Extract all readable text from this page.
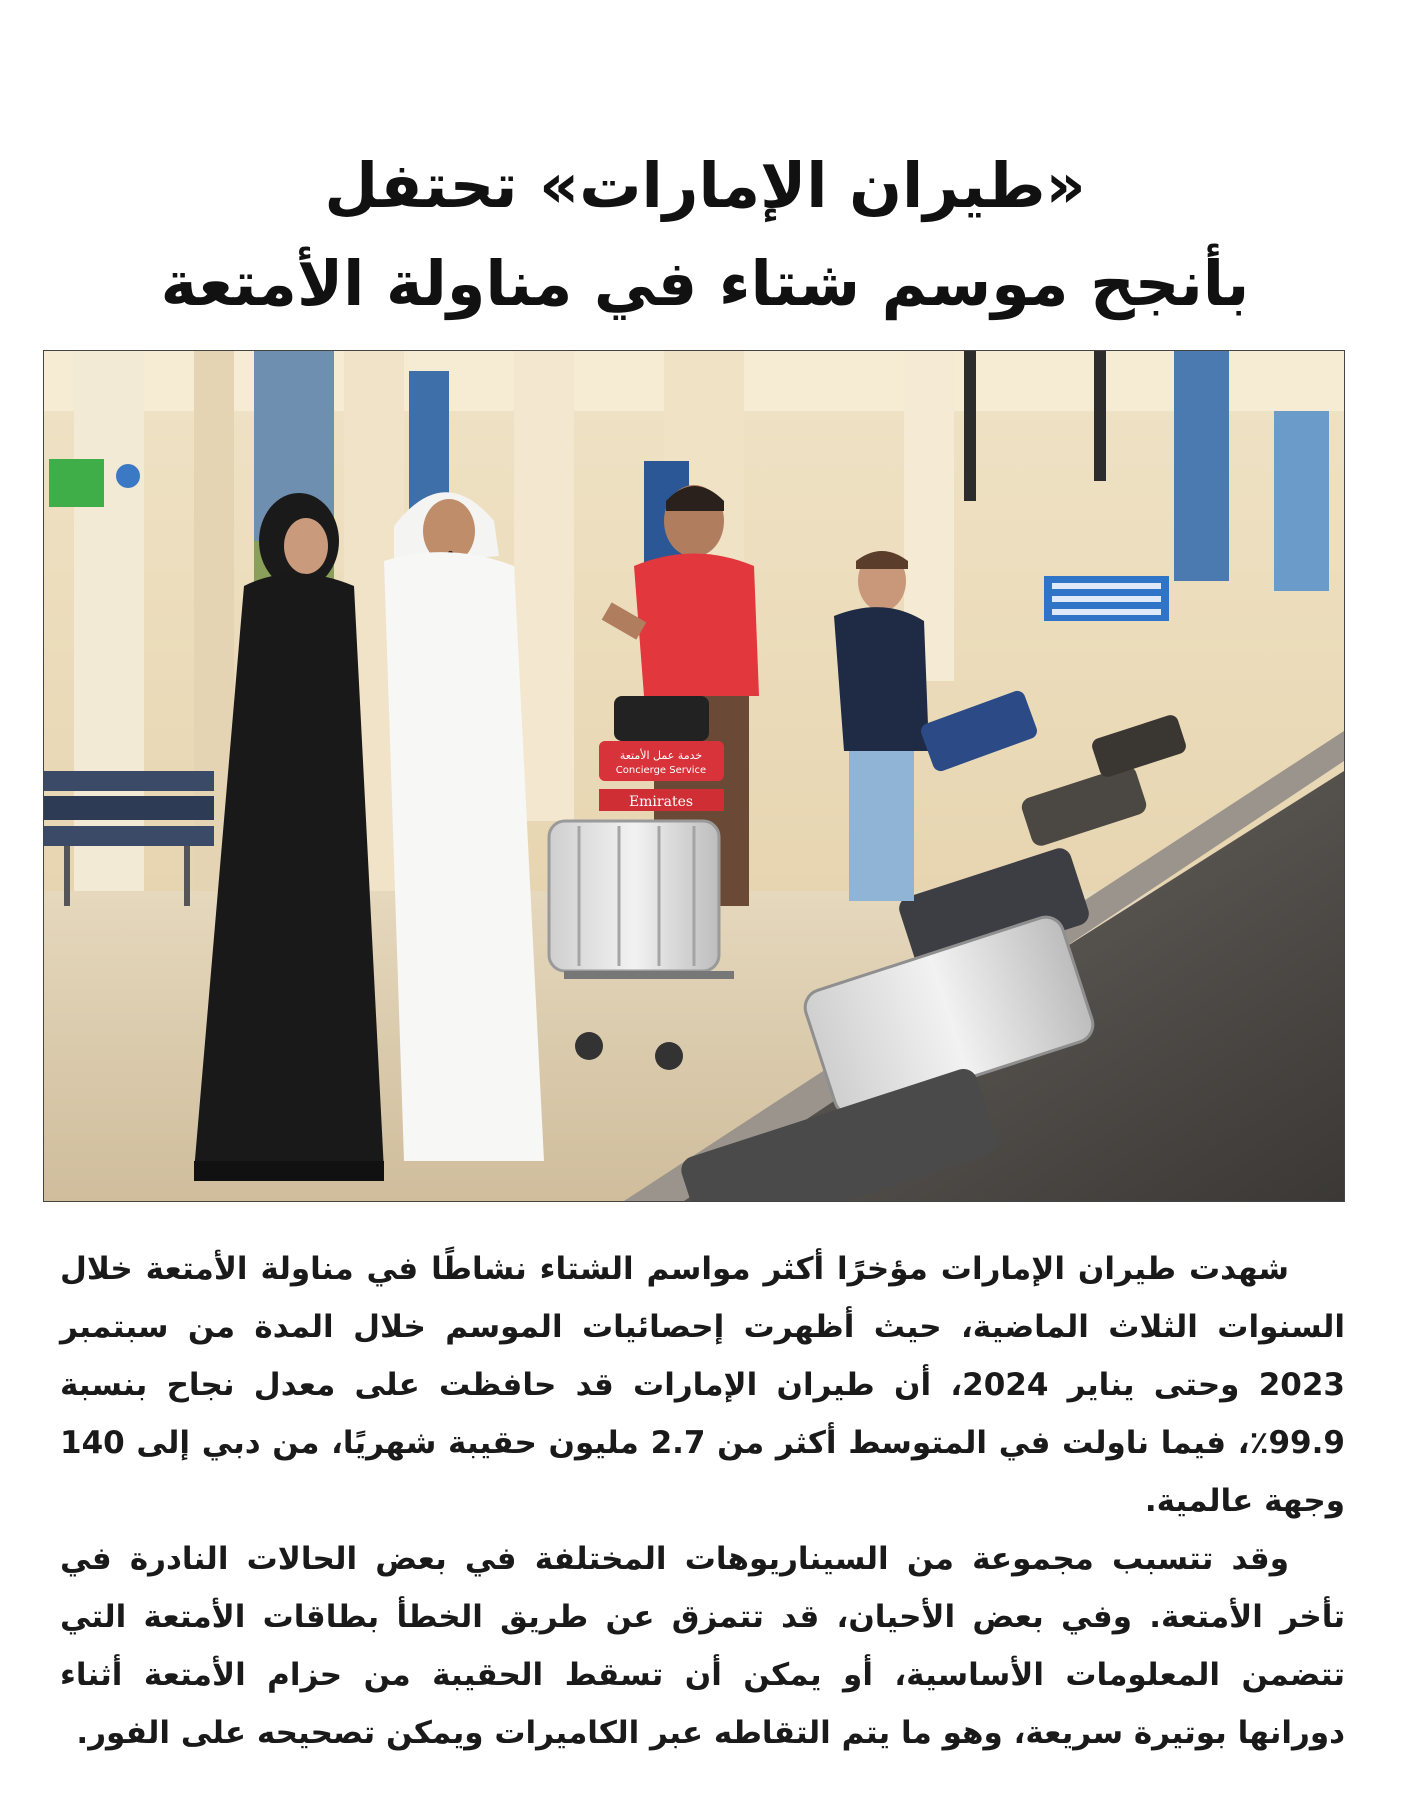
«طيران الإمارات» تحتفل
بأنجح موسم شتاء في مناولة الأمتعة
خدمة عمل الأمتعة
Concierge Service
Emirates

شهدت طيران الإمارات مؤخرًا أكثر مواسم الشتاء نشاطًا في مناولة الأمتعة خلال السنوات الثلاث الماضية، حيث أظهرت إحصائيات الموسم خلال المدة من سبتمبر 2023 وحتى يناير 2024، أن طيران الإمارات قد حافظت على معدل نجاح بنسبة 99.9٪، فيما ناولت في المتوسط أكثر من 2.7 مليون حقيبة شهريًا، من دبي إلى 140 وجهة عالمية.

وقد تتسبب مجموعة من السيناريوهات المختلفة في بعض الحالات النادرة في تأخر الأمتعة. وفي بعض الأحيان، قد تتمزق عن طريق الخطأ بطاقات الأمتعة التي تتضمن المعلومات الأساسية، أو يمكن أن تسقط الحقيبة من حزام الأمتعة أثناء دورانها بوتيرة سريعة، وهو ما يتم التقاطه عبر الكاميرات ويمكن تصحيحه على الفور.
